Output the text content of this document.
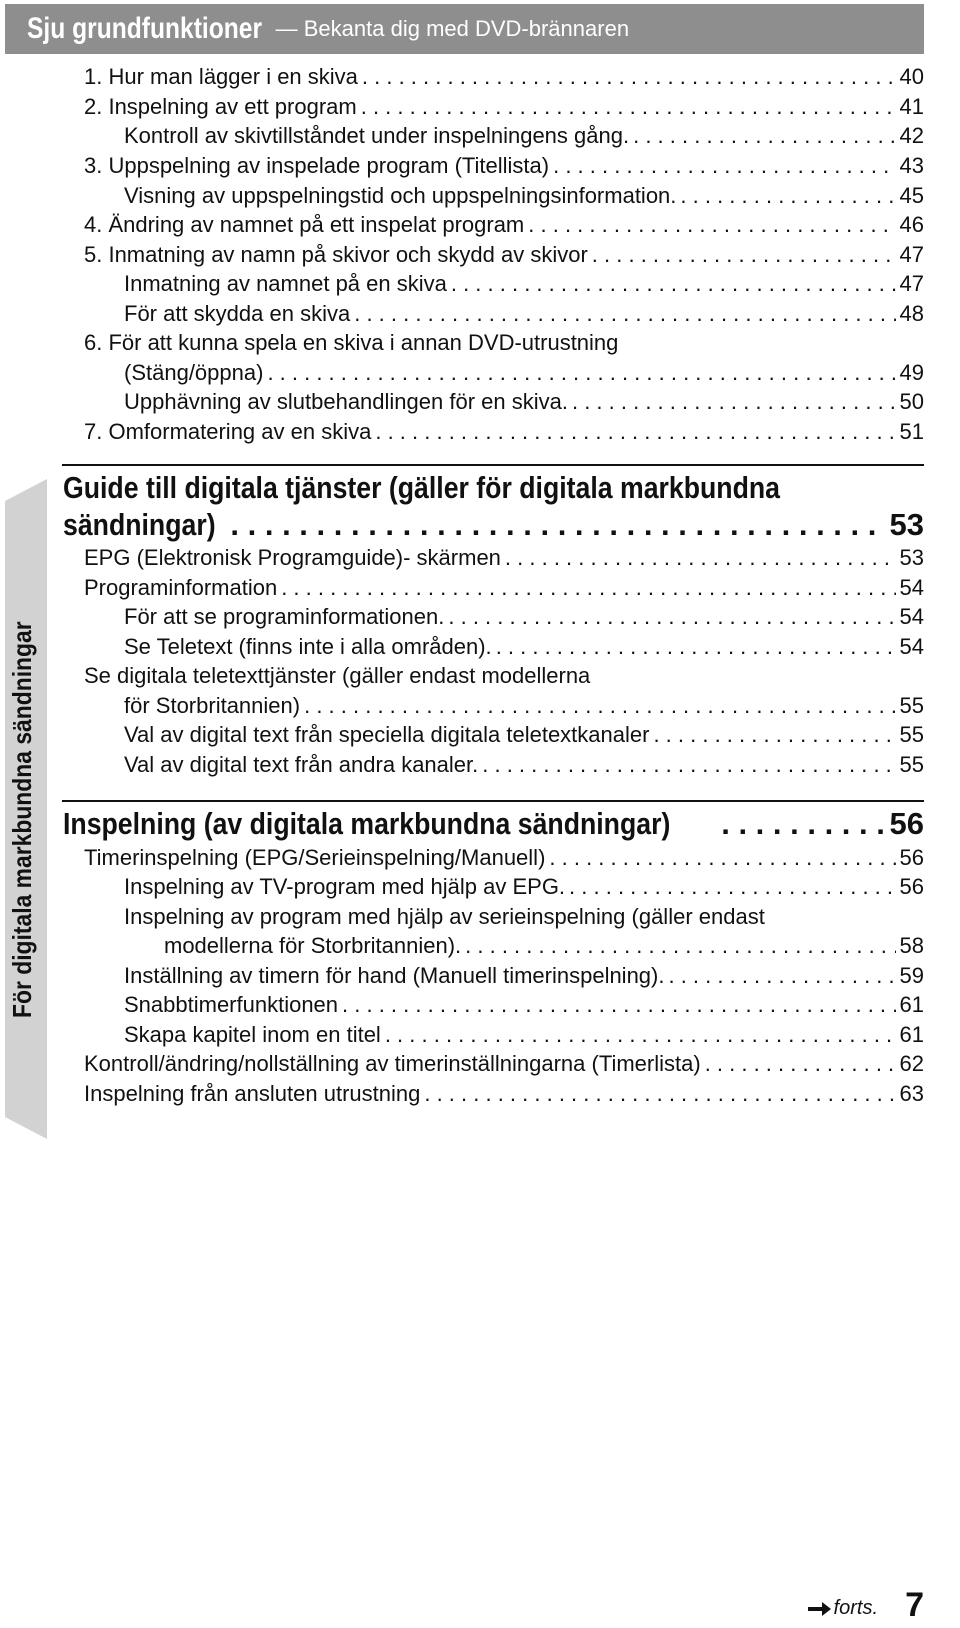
Sju grundfunktioner — Bekanta dig med DVD-brännaren
1. Hur man lägger i en skiva . . .	40
2. Inspelning av ett program . . .	41
Kontroll av skivtillståndet under inspelningens gång. . . .	42
3. Uppspelning av inspelade program (Titellista) . . .	43
Visning av uppspelningstid och uppspelningsinformation. . . .	45
4. Ändring av namnet på ett inspelat program . . .	46
5. Inmatning av namn på skivor och skydd av skivor . . .	47
Inmatning av namnet på en skiva . . .	47
För att skydda en skiva . . .	48
6. För att kunna spela en skiva i annan DVD-utrustning
(Stäng/öppna) . . .	49
Upphävning av slutbehandlingen för en skiva. . . .	50
7. Omformatering av en skiva . . .	51
Guide till digitala tjänster (gäller för digitala markbundna
sändningar) . . .	53
EPG (Elektronisk Programguide)- skärmen . . .	53
Programinformation . . .	54
För att se programinformationen. . . .	54
Se Teletext (finns inte i alla områden). . . .	54
Se digitala teletexttjänster (gäller endast modellerna
för Storbritannien) . . .	55
Val av digital text från speciella digitala teletextkanaler . . .	55
Val av digital text från andra kanaler. . . .	55
Inspelning (av digitala markbundna sändningar) . . .	56
Timerinspelning (EPG/Serieinspelning/Manuell) . . .	56
Inspelning av TV-program med hjälp av EPG. . . .	56
Inspelning av program med hjälp av serieinspelning (gäller endast
modellerna för Storbritannien). . . .	58
Inställning av timern för hand (Manuell timerinspelning). . . .	59
Snabbtimerfunktionen . . .	61
Skapa kapitel inom en titel . . .	61
Kontroll/ändring/nollställning av timerinställningarna (Timerlista) . . .	62
Inspelning från ansluten utrustning . . .	63
För digitala markbundna sändningar
forts. 7
